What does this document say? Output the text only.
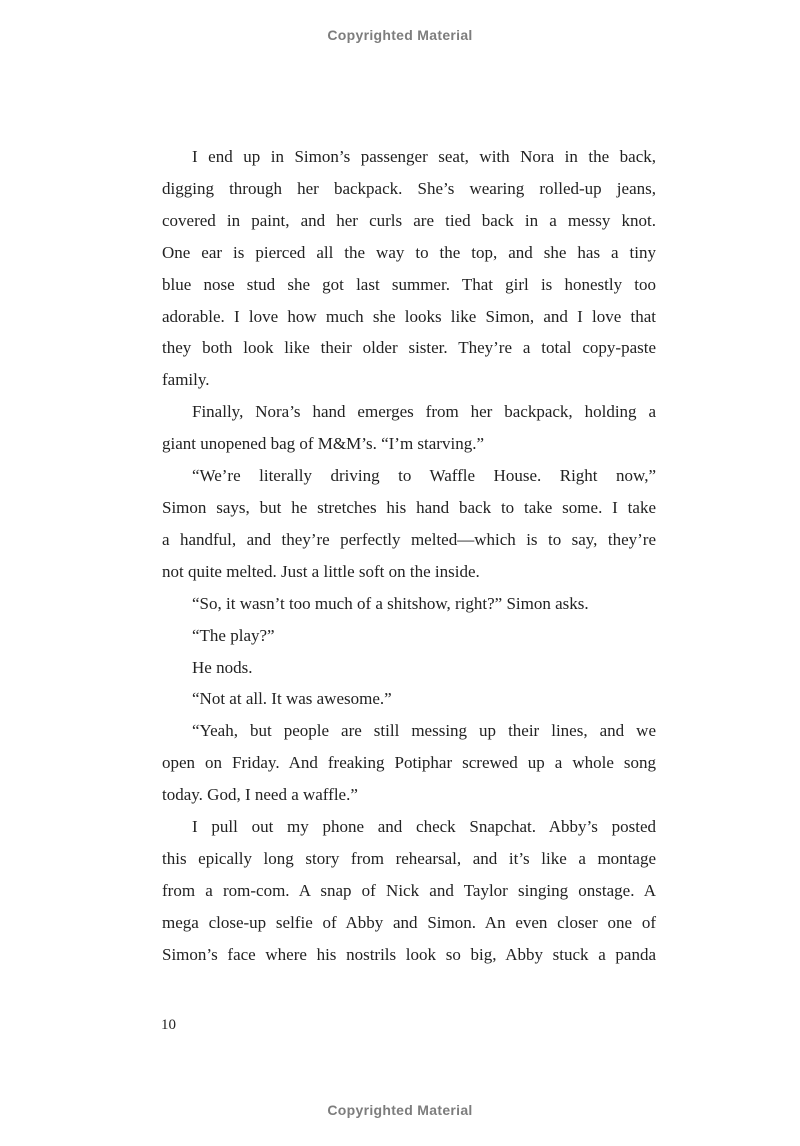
Copyrighted Material
I end up in Simon’s passenger seat, with Nora in the back,
digging through her backpack. She’s wearing rolled-up jeans,
covered in paint, and her curls are tied back in a messy knot.
One ear is pierced all the way to the top, and she has a tiny
blue nose stud she got last summer. That girl is honestly too
adorable. I love how much she looks like Simon, and I love that
they both look like their older sister. They’re a total copy-paste
family.
Finally, Nora’s hand emerges from her backpack, holding a
giant unopened bag of M&M’s. “I’m starving.”
“We’re literally driving to Waffle House. Right now,”
Simon says, but he stretches his hand back to take some. I take
a handful, and they’re perfectly melted—which is to say, they’re
not quite melted. Just a little soft on the inside.
“So, it wasn’t too much of a shitshow, right?” Simon asks.
“The play?”
He nods.
“Not at all. It was awesome.”
“Yeah, but people are still messing up their lines, and we
open on Friday. And freaking Potiphar screwed up a whole song
today. God, I need a waffle.”
I pull out my phone and check Snapchat. Abby’s posted
this epically long story from rehearsal, and it’s like a montage
from a rom-com. A snap of Nick and Taylor singing onstage. A
mega close-up selfie of Abby and Simon. An even closer one of
Simon’s face where his nostrils look so big, Abby stuck a panda
10
Copyrighted Material
